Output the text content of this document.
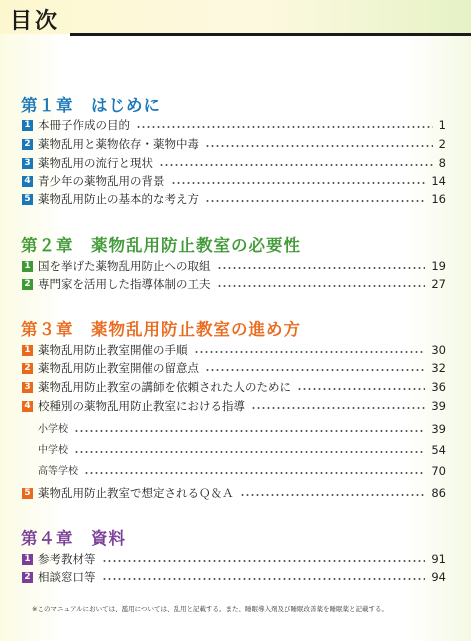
目次
第１章　はじめに
1 本冊子作成の目的	1
2 薬物乱用と薬物依存・薬物中毒	2
3 薬物乱用の流行と現状	8
4 青少年の薬物乱用の背景	14
5 薬物乱用防止の基本的な考え方	16
第２章　薬物乱用防止教室の必要性
1 国を挙げた薬物乱用防止への取組	19
2 専門家を活用した指導体制の工夫	27
第３章　薬物乱用防止教室の進め方
1 薬物乱用防止教室開催の手順	30
2 薬物乱用防止教室開催の留意点	32
3 薬物乱用防止教室の講師を依頼された人のために	36
4 校種別の薬物乱用防止教室における指導	39
小学校	39
中学校	54
高等学校	70
5 薬物乱用防止教室で想定されるＱ＆Ａ	86
第４章　資料
1 参考教材等	91
2 相談窓口等	94
※このマニュアルにおいては、濫用については、乱用と記載する。また、睡眠導入剤及び睡眠改善薬を睡眠薬と記載する。
